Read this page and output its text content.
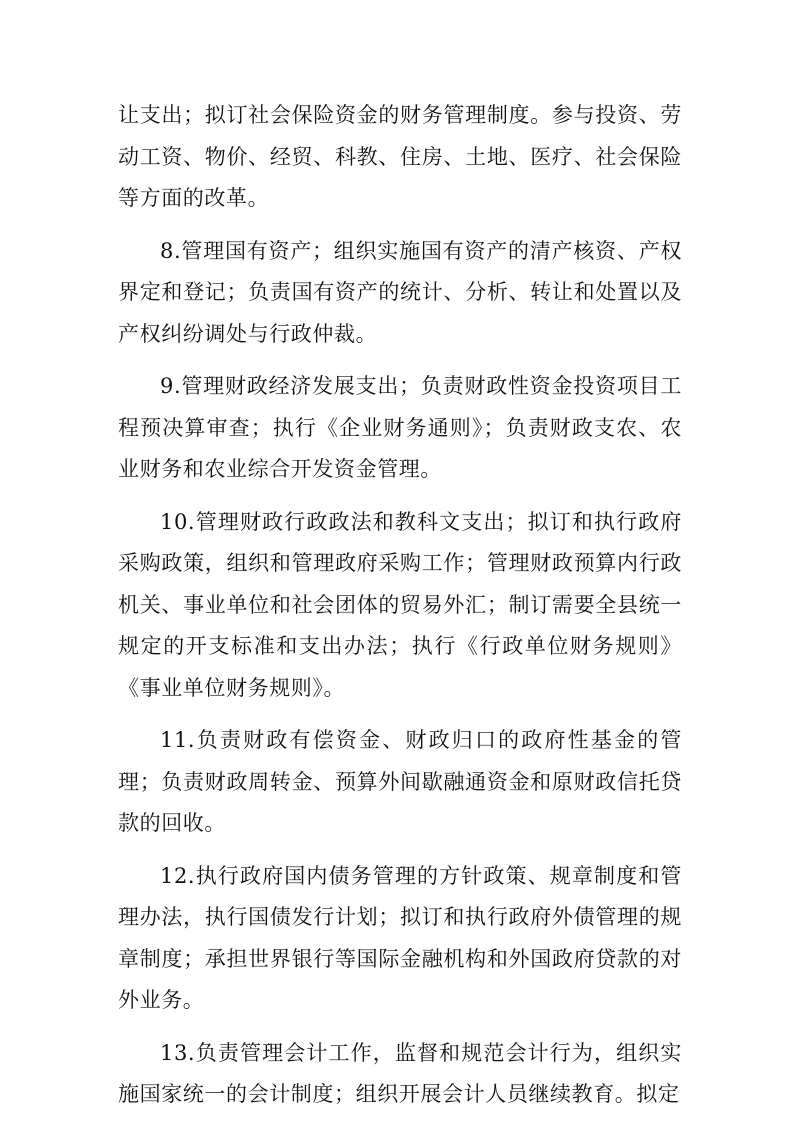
让支出；拟订社会保险资金的财务管理制度。参与投资、劳动工资、物价、经贸、科教、住房、土地、医疗、社会保险等方面的改革。

8.管理国有资产；组织实施国有资产的清产核资、产权界定和登记；负责国有资产的统计、分析、转让和处置以及产权纠纷调处与行政仲裁。

9.管理财政经济发展支出；负责财政性资金投资项目工程预决算审查；执行《企业财务通则》；负责财政支农、农业财务和农业综合开发资金管理。

10.管理财政行政政法和教科文支出；拟订和执行政府采购政策，组织和管理政府采购工作；管理财政预算内行政机关、事业单位和社会团体的贸易外汇；制订需要全县统一规定的开支标准和支出办法；执行《行政单位财务规则》《事业单位财务规则》。

11.负责财政有偿资金、财政归口的政府性基金的管理；负责财政周转金、预算外间歇融通资金和原财政信托贷款的回收。

12.执行政府国内债务管理的方针政策、规章制度和管理办法，执行国债发行计划；拟订和执行政府外债管理的规章制度；承担世界银行等国际金融机构和外国政府贷款的对外业务。

13.负责管理会计工作，监督和规范会计行为，组织实施国家统一的会计制度；组织开展会计人员继续教育。拟定
